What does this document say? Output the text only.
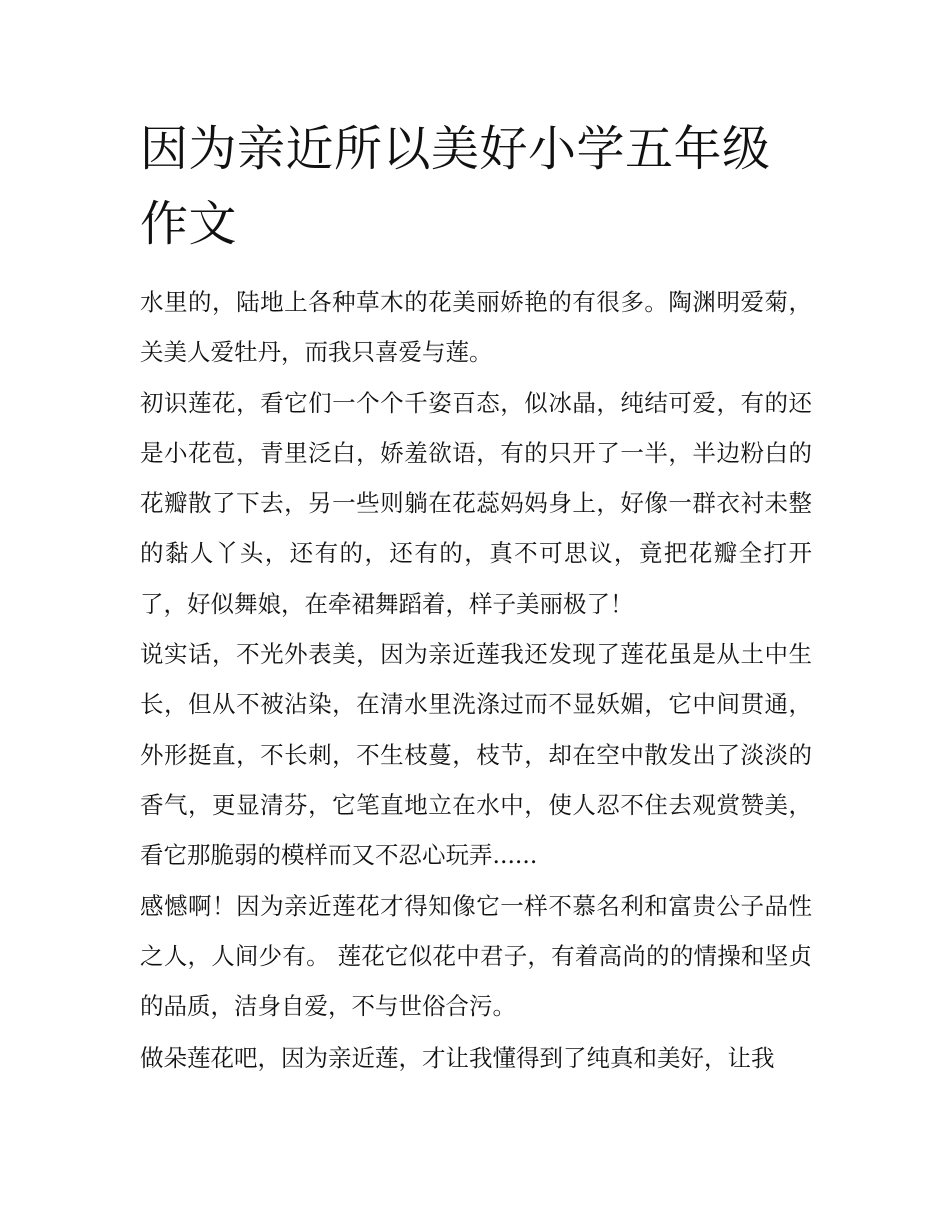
因为亲近所以美好小学五年级作文

水里的，陆地上各种草木的花美丽娇艳的有很多。陶渊明爱菊，关美人爱牡丹，而我只喜爱与莲。

初识莲花，看它们一个个千姿百态，似冰晶，纯结可爱，有的还是小花苞，青里泛白，娇羞欲语，有的只开了一半，半边粉白的花瓣散了下去，另一些则躺在花蕊妈妈身上，好像一群衣衬未整的黏人丫头，还有的，还有的，真不可思议，竟把花瓣全打开了，好似舞娘，在牵裙舞蹈着，样子美丽极了！

说实话，不光外表美，因为亲近莲我还发现了莲花虽是从土中生长，但从不被沾染，在清水里洗涤过而不显妖媚，它中间贯通，外形挺直，不长刺，不生枝蔓，枝节，却在空中散发出了淡淡的香气，更显清芬，它笔直地立在水中，使人忍不住去观赏赞美，看它那脆弱的模样而又不忍心玩弄......

感憾啊！因为亲近莲花才得知像它一样不慕名利和富贵公子品性之人，人间少有。 莲花它似花中君子，有着高尚的的情操和坚贞的品质，洁身自爱，不与世俗合污。

做朵莲花吧，因为亲近莲，才让我懂得到了纯真和美好，让我
